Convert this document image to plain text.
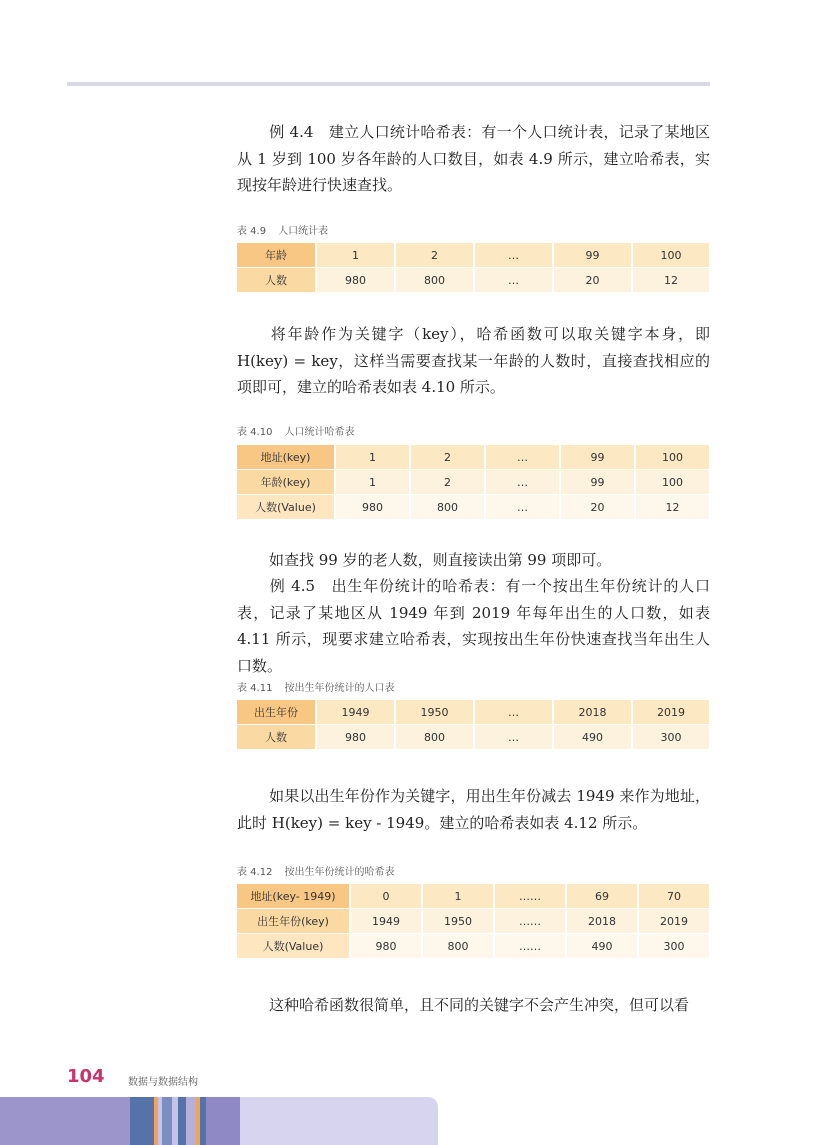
例 4.4　建立人口统计哈希表：有一个人口统计表，记录了某地区从 1 岁到 100 岁各年龄的人口数目，如表 4.9 所示，建立哈希表，实现按年龄进行快速查找。

表 4.9 人口统计表

年龄	1	2	…	99	100
人数	980	800	…	20	12

将年龄作为关键字（key），哈希函数可以取关键字本身，即 H(key) = key，这样当需要查找某一年龄的人数时，直接查找相应的项即可，建立的哈希表如表 4.10 所示。

表 4.10 人口统计哈希表

地址(key)	1	2	…	99	100
年龄(key)	1	2	…	99	100
人数(Value)	980	800	…	20	12

如查找 99 岁的老人数，则直接读出第 99 项即可。

例 4.5　出生年份统计的哈希表：有一个按出生年份统计的人口表，记录了某地区从 1949 年到 2019 年每年出生的人口数，如表 4.11 所示，现要求建立哈希表，实现按出生年份快速查找当年出生人口数。

表 4.11 按出生年份统计的人口表

出生年份	1949	1950	…	2018	2019
人数	980	800	…	490	300

如果以出生年份作为关键字，用出生年份减去 1949 来作为地址，此时 H(key) = key - 1949。建立的哈希表如表 4.12 所示。

表 4.12 按出生年份统计的哈希表

地址(key- 1949)	0	1	……	69	70
出生年份(key)	1949	1950	……	2018	2019
人数(Value)	980	800	……	490	300

这种哈希函数很简单，且不同的关键字不会产生冲突，但可以看

104 数据与数据结构
